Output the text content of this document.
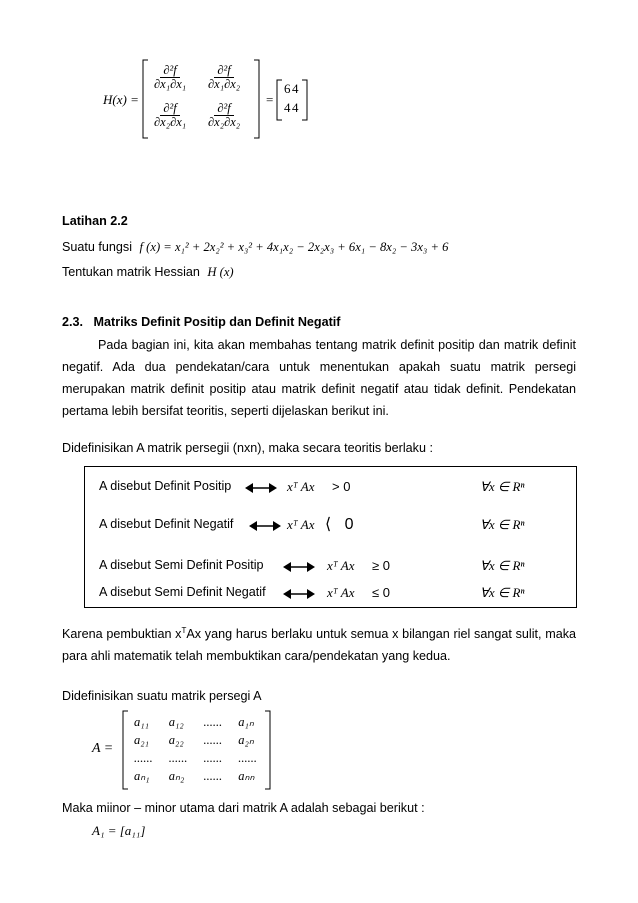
H(x) =
$\frac{\text{∂²f}}{\text{∂x₁∂x₁}} \frac{\text{∂²f}}{\text{∂x₁∂x₂}}$
$\frac{\text{∂²f}}{\text{∂x₂∂x₁}} \frac{\text{∂²f}}{\text{∂x₂∂x₂}}$
=
6 4
4 4
Latihan 2.2
Suatu fungsi f (x) = x₁² + 2x₂² + x₃² + 4x₁x₂ − 2x₂x₃ + 6x₁ − 8x₂ − 3x₃ + 6
Tentukan matrik Hessian H (x)
2.3.   Matriks Definit Positip dan Definit Negatif
Pada bagian ini, kita akan membahas tentang matrik definit positip dan matrik definit negatif. Ada dua pendekatan/cara untuk menentukan apakah suatu matrik persegi merupakan matrik definit positip atau matrik definit negatif atau tidak definit. Pendekatan pertama lebih bersifat teoritis, seperti dijelaskan berikut ini.
Didefinisikan A matrik persegii (nxn), maka secara teoritis berlaku :
A disebut Definit Positip	xᵀ Ax > 0	∀x ∈ Rⁿ
A disebut Definit Negatif	xᵀ Ax ⟨   0	∀x ∈ Rⁿ
A disebut Semi Definit Positip	xᵀ Ax ≥ 0	∀x ∈ Rⁿ
A disebut Semi Definit Negatif	xᵀ Ax ≤ 0	∀x ∈ Rⁿ
Karena pembuktian $x^TAx$ yang harus berlaku untuk semua x bilangan riel sangat sulit, maka para ahli matematik telah membuktikan cara/pendekatan yang kedua.
Didefinisikan suatu matrik persegi A
A =
a₁₁	a₁₂	......	a₁ₙ
a₂₁	a₂₂	......	a₂ₙ
......	......	......	......
aₙ₁	aₙ₂	......	aₙₙ
Maka miinor – minor utama dari matrik A adalah sebagai berikut :
A₁ = [a₁₁]
